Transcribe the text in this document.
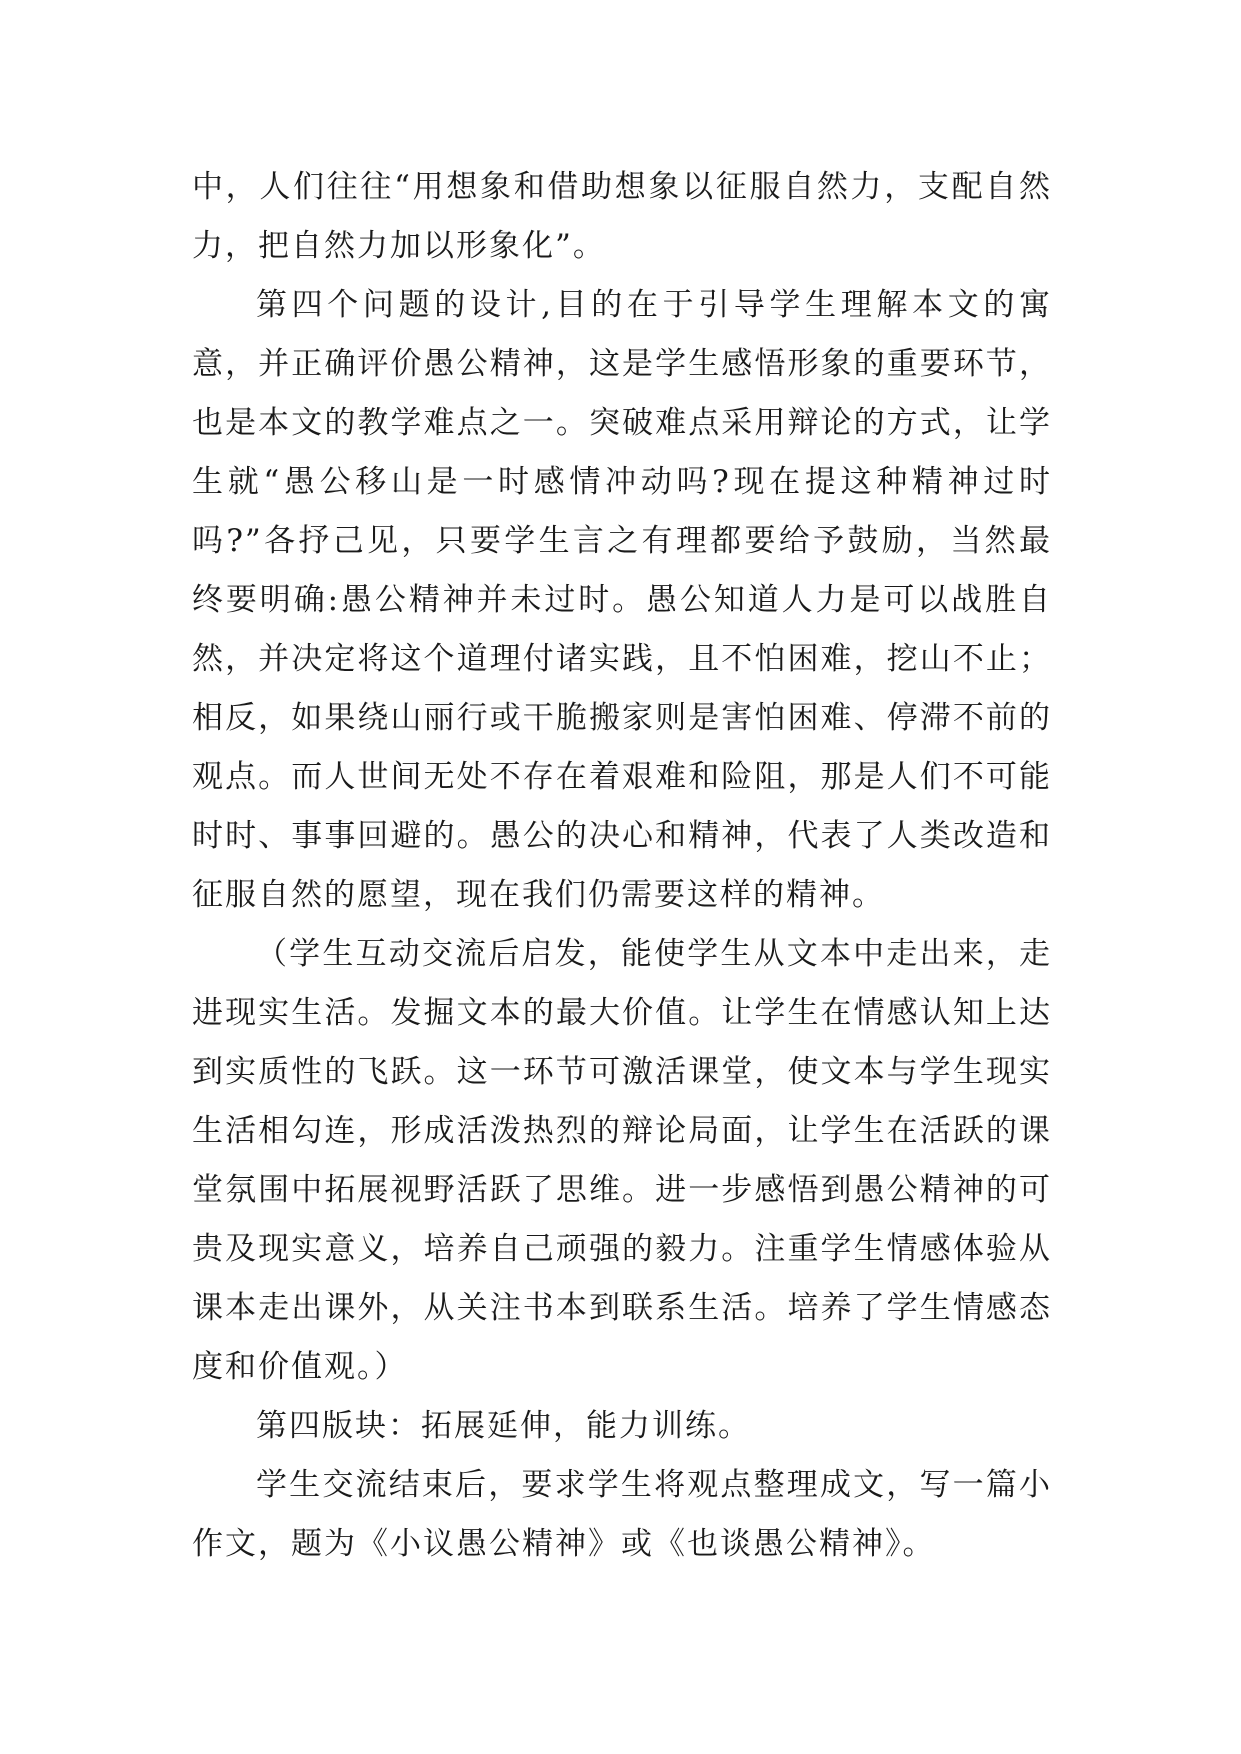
中，人们往往“用想象和借助想象以征服自然力，支配自然力，把自然力加以形象化”。

第四个问题的设计,目的在于引导学生理解本文的寓意，并正确评价愚公精神，这是学生感悟形象的重要环节，也是本文的教学难点之一。突破难点采用辩论的方式，让学生就“愚公移山是一时感情冲动吗?现在提这种精神过时吗?”各抒己见，只要学生言之有理都要给予鼓励，当然最终要明确:愚公精神并未过时。愚公知道人力是可以战胜自然，并决定将这个道理付诸实践，且不怕困难，挖山不止；相反，如果绕山丽行或干脆搬家则是害怕困难、停滞不前的观点。而人世间无处不存在着艰难和险阻，那是人们不可能时时、事事回避的。愚公的决心和精神，代表了人类改造和征服自然的愿望，现在我们仍需要这样的精神。

（学生互动交流后启发，能使学生从文本中走出来，走进现实生活。发掘文本的最大价值。让学生在情感认知上达到实质性的飞跃。这一环节可激活课堂，使文本与学生现实生活相勾连，形成活泼热烈的辩论局面，让学生在活跃的课堂氛围中拓展视野活跃了思维。进一步感悟到愚公精神的可贵及现实意义，培养自己顽强的毅力。注重学生情感体验从课本走出课外，从关注书本到联系生活。培养了学生情感态度和价值观。）

第四版块：拓展延伸，能力训练。

学生交流结束后，要求学生将观点整理成文，写一篇小作文，题为《小议愚公精神》或《也谈愚公精神》。
